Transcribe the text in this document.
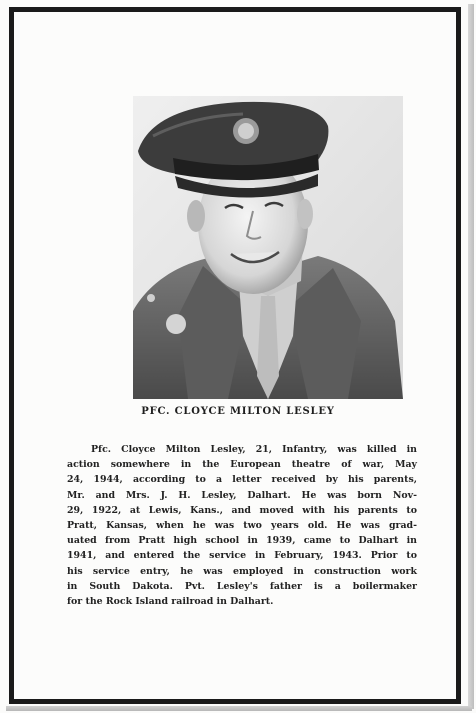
PFC. CLOYCE MILTON LESLEY

Pfc. Cloyce Milton Lesley, 21, Infantry, was killed in
action somewhere in the European theatre of war, May
24, 1944, according to a letter received by his parents,
Mr. and Mrs. J. H. Lesley, Dalhart. He was born Nov-
29, 1922, at Lewis, Kans., and moved with his parents to
Pratt, Kansas, when he was two years old. He was grad-
uated from Pratt high school in 1939, came to Dalhart in
1941, and entered the service in February, 1943. Prior to
his service entry, he was employed in construction work
in South Dakota. Pvt. Lesley's father is a boilermaker
for the Rock Island railroad in Dalhart.
